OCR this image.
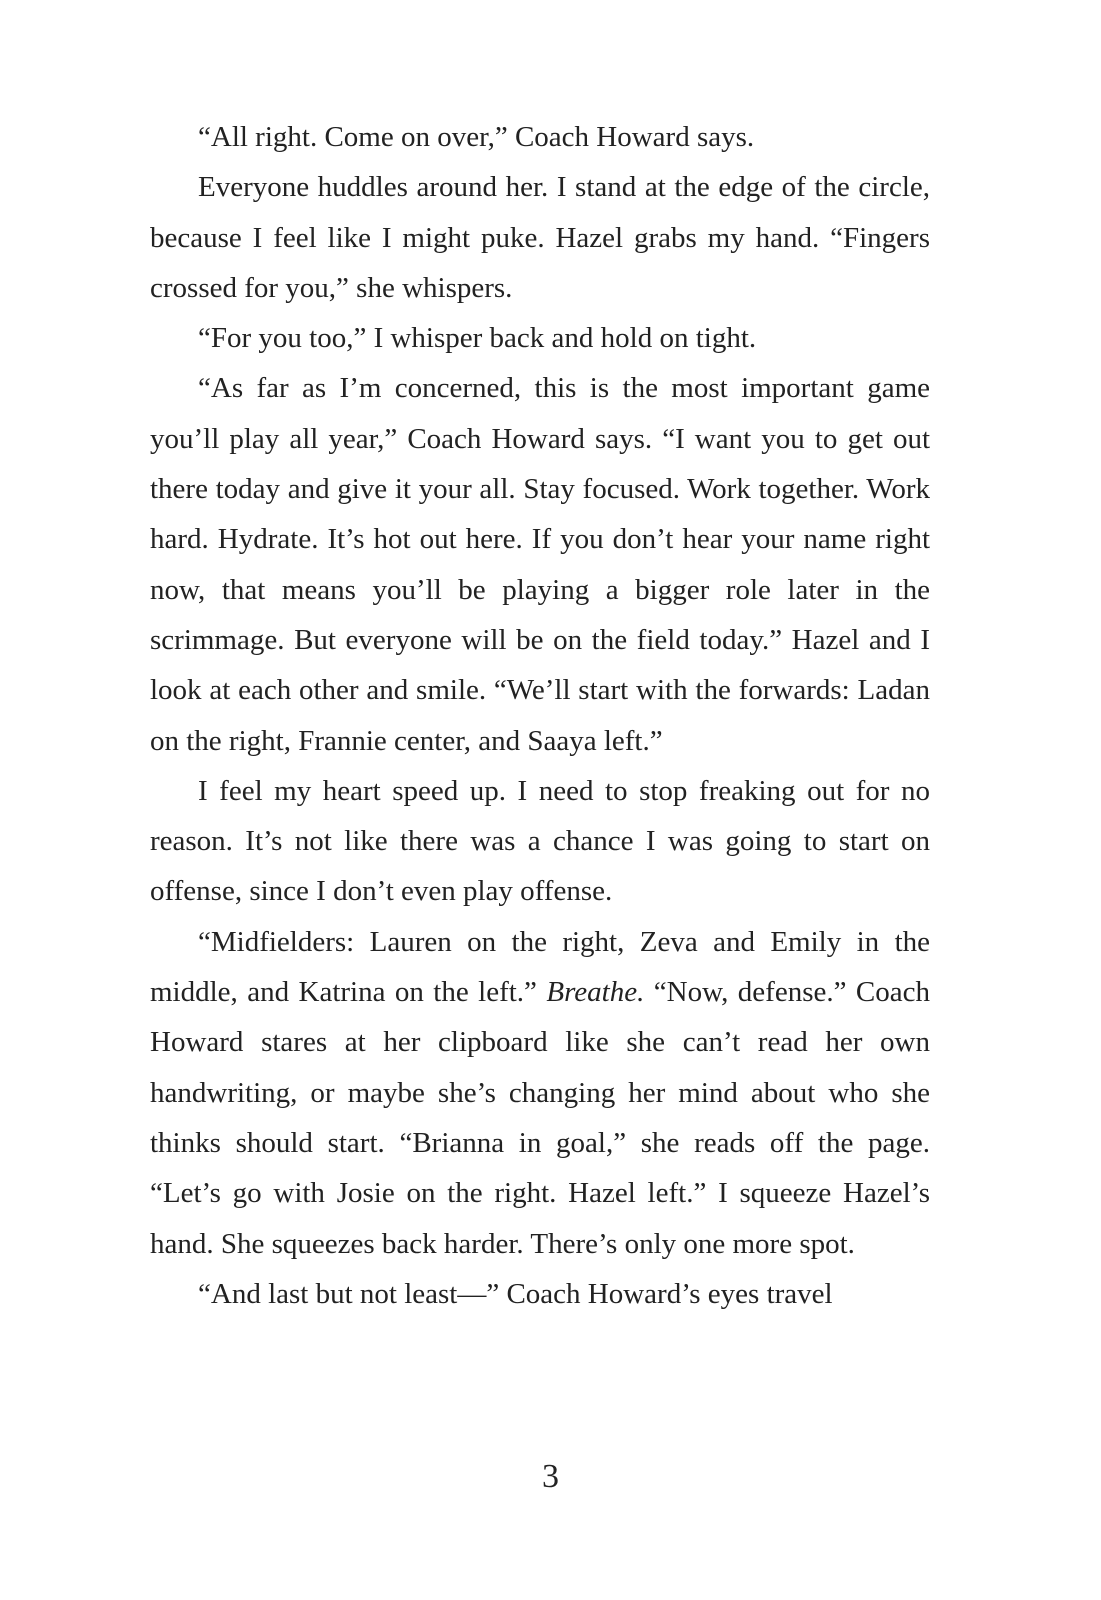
“All right. Come on over,” Coach Howard says.

Everyone huddles around her. I stand at the edge of the circle, because I feel like I might puke. Hazel grabs my hand. “Fingers crossed for you,” she whispers.

“For you too,” I whisper back and hold on tight.

“As far as I’m concerned, this is the most important game you’ll play all year,” Coach Howard says. “I want you to get out there today and give it your all. Stay focused. Work together. Work hard. Hydrate. It’s hot out here. If you don’t hear your name right now, that means you’ll be playing a bigger role later in the scrimmage. But everyone will be on the field today.” Hazel and I look at each other and smile. “We’ll start with the forwards: Ladan on the right, Frannie center, and Saaya left.”

I feel my heart speed up. I need to stop freaking out for no reason. It’s not like there was a chance I was going to start on offense, since I don’t even play offense.

“Midfielders: Lauren on the right, Zeva and Emily in the middle, and Katrina on the left.” Breathe. “Now, defense.” Coach Howard stares at her clipboard like she can’t read her own handwriting, or maybe she’s changing her mind about who she thinks should start. “Brianna in goal,” she reads off the page. “Let’s go with Josie on the right. Hazel left.” I squeeze Hazel’s hand. She squeezes back harder. There’s only one more spot.

“And last but not least—” Coach Howard’s eyes travel

3
